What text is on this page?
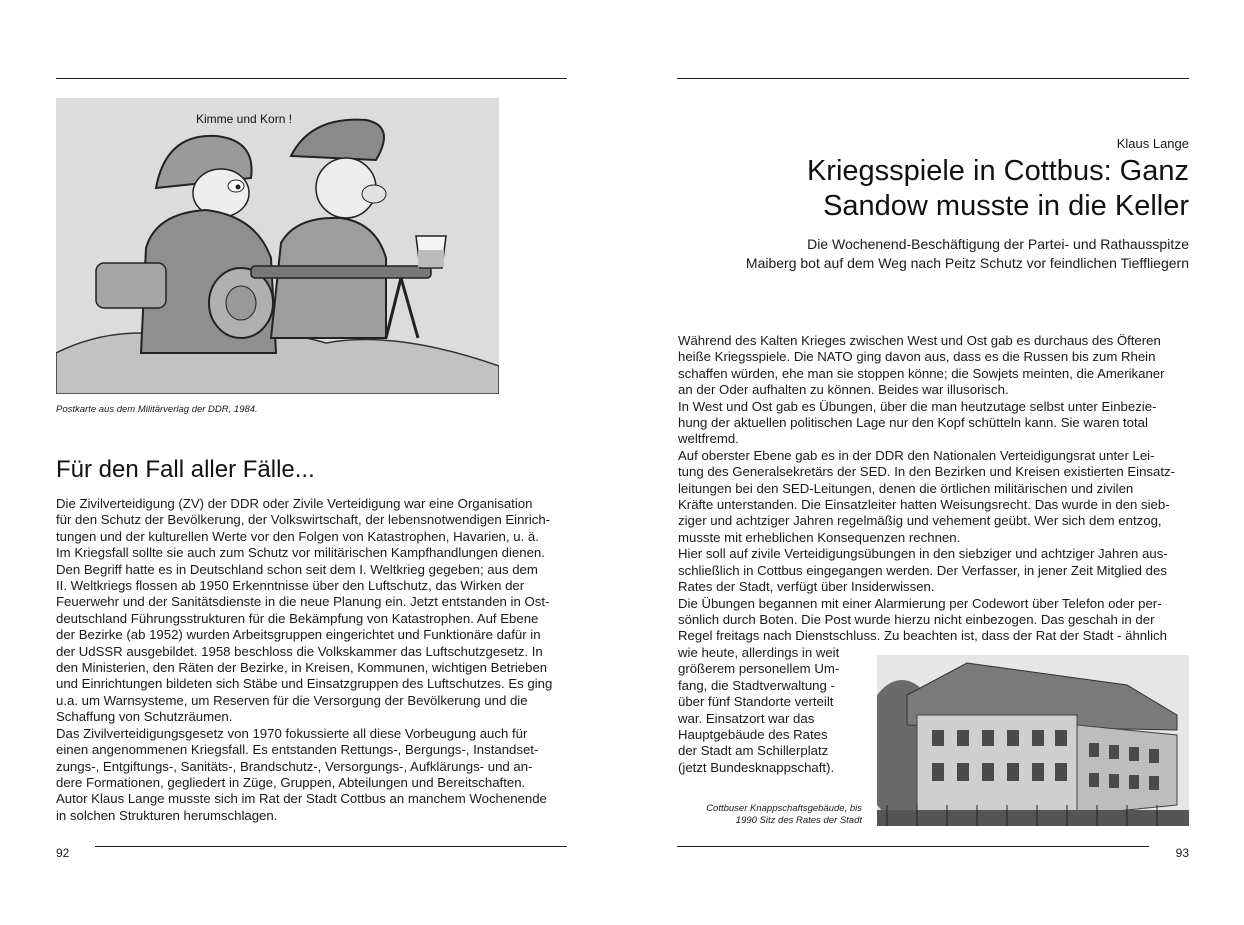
Kimme und Korn !
Postkarte aus dem Militärverlag der DDR, 1984.
Für den Fall aller Fälle...

Die Zivilverteidigung (ZV) der DDR oder Zivile Verteidigung war eine Organisation

für den Schutz der Bevölkerung, der Volkswirtschaft, der lebensnotwendigen Einrich-

tungen und der kulturellen Werte vor den Folgen von Katastrophen, Havarien, u. ä.

Im Kriegsfall sollte sie auch zum Schutz vor militärischen Kampfhandlungen dienen.

Den Begriff hatte es in Deutschland schon seit dem I. Weltkrieg gegeben; aus dem

II. Weltkriegs flossen ab 1950 Erkenntnisse über den Luftschutz, das Wirken der

Feuerwehr und der Sanitätsdienste in die neue Planung ein. Jetzt entstanden in Ost-

deutschland Führungsstrukturen für die Bekämpfung von Katastrophen. Auf Ebene

der Bezirke (ab 1952) wurden Arbeitsgruppen eingerichtet und Funktionäre dafür in

der UdSSR ausgebildet. 1958 beschloss die Volkskammer das Luftschutzgesetz. In

den Ministerien, den Räten der Bezirke, in Kreisen, Kommunen, wichtigen Betrieben

und Einrichtungen bildeten sich Stäbe und Einsatzgruppen des Luftschutzes. Es ging

u.a. um Warnsysteme, um Reserven für die Versorgung der Bevölkerung und die

Schaffung von Schutzräumen.

Das Zivilverteidigungsgesetz von 1970 fokussierte all diese Vorbeugung auch für

einen angenommenen Kriegsfall. Es entstanden Rettungs-, Bergungs-, Instandset-

zungs-, Entgiftungs-, Sanitäts-, Brandschutz-, Versorgungs-, Aufklärungs- und an-

dere Formationen, gegliedert in Züge, Gruppen, Abteilungen und Bereitschaften.

Autor Klaus Lange musste sich im Rat der Stadt Cottbus an manchem Wochenende

in solchen Strukturen herumschlagen.

92
Klaus Lange
Kriegsspiele in Cottbus: Ganz
Sandow musste in die Keller
Die Wochenend-Beschäftigung der Partei- und Rathausspitze
Maiberg bot auf dem Weg nach Peitz Schutz vor feindlichen Tieffliegern

Während des Kalten Krieges zwischen West und Ost gab es durchaus des Öfteren

heiße Kriegsspiele. Die NATO ging davon aus, dass es die Russen bis zum Rhein

schaffen würden, ehe man sie stoppen könne; die Sowjets meinten, die Amerikaner

an der Oder aufhalten zu können. Beides war illusorisch.

In West und Ost gab es Übungen, über die man heutzutage selbst unter Einbezie-

hung der aktuellen politischen Lage nur den Kopf schütteln kann. Sie waren total

weltfremd.

Auf oberster Ebene gab es in der DDR den Nationalen Verteidigungsrat unter Lei-

tung des Generalsekretärs der SED. In den Bezirken und Kreisen existierten Einsatz-

leitungen bei den SED-Leitungen, denen die örtlichen militärischen und zivilen

Kräfte unterstanden. Die Einsatzleiter hatten Weisungsrecht. Das wurde in den sieb-

ziger und achtziger Jahren regelmäßig und vehement geübt. Wer sich dem entzog,

musste mit erheblichen Konsequenzen rechnen.

Hier soll auf zivile Verteidigungsübungen in den siebziger und achtziger Jahren aus-

schließlich in Cottbus eingegangen werden. Der Verfasser, in jener Zeit Mitglied des

Rates der Stadt, verfügt über Insiderwissen.

Die Übungen begannen mit einer Alarmierung per Codewort über Telefon oder per-

sönlich durch Boten. Die Post wurde hierzu nicht einbezogen. Das geschah in der

Regel freitags nach Dienstschluss. Zu beachten ist, dass der Rat der Stadt - ähnlich

wie heute, allerdings in weit

größerem personellem Um-

fang, die Stadtverwaltung -

über fünf Standorte verteilt

war. Einsatzort war das

Hauptgebäude des Rates

der Stadt am Schillerplatz

(jetzt Bundesknappschaft).

Cottbuser Knappschaftsgebäude, bis
1990 Sitz des Rates der Stadt
93
